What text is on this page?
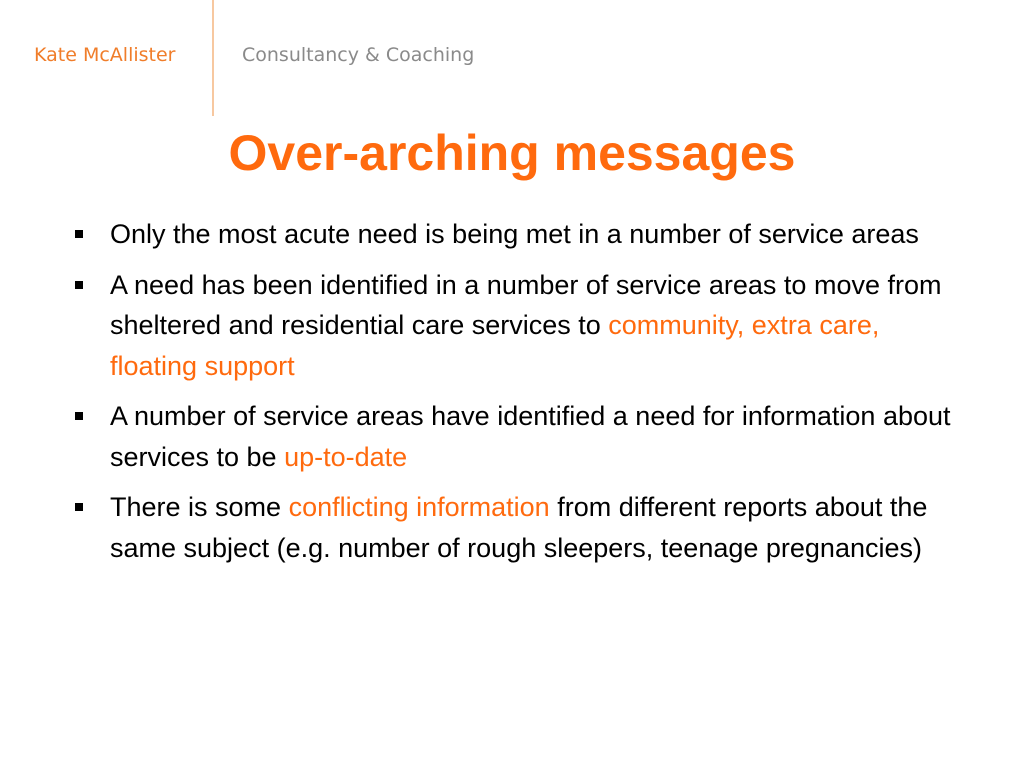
Kate McAllister	Consultancy & Coaching
Over-arching messages
Only the most acute need is being met in a number of service areas
A need has been identified in a number of service areas to move from sheltered and residential care services to community, extra care, floating support
A number of service areas have identified a need for information about services to be up-to-date
There is some conflicting information from different reports about the same subject (e.g. number of rough sleepers, teenage pregnancies)
